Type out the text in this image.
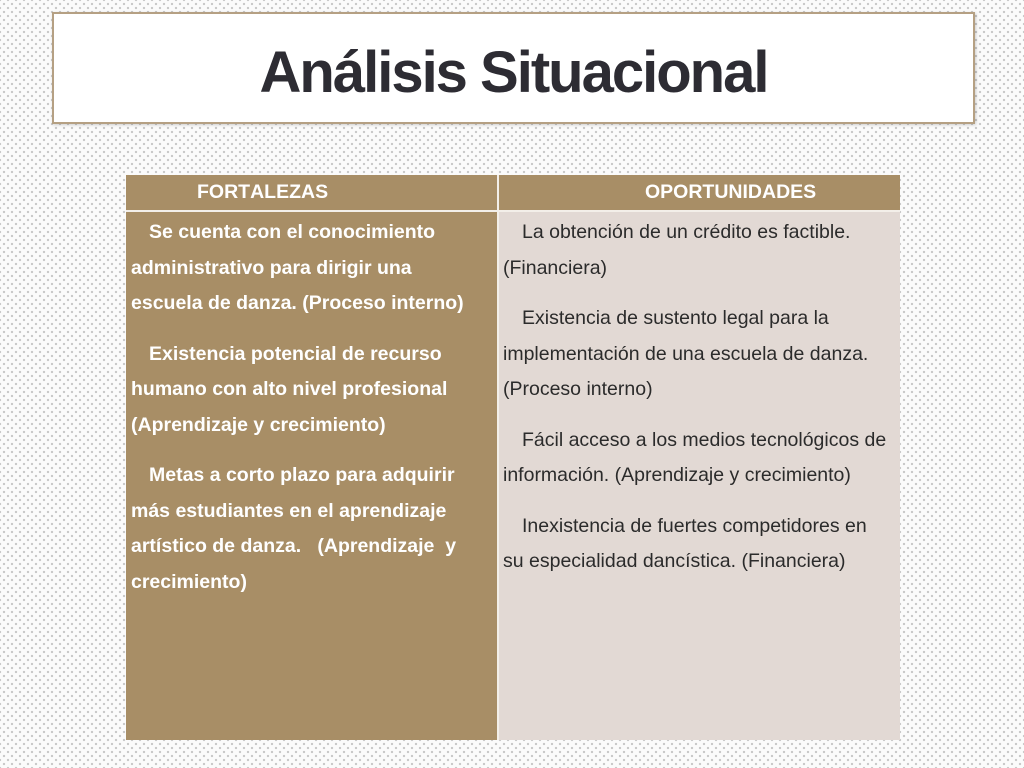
Análisis Situacional
FORTALEZAS	OPORTUNIDADES

Se cuenta con el conocimiento administrativo para dirigir una escuela de danza. (Proceso interno)

Existencia potencial de recurso humano con alto nivel profesional (Aprendizaje y crecimiento)

Metas a corto plazo para adquirir más estudiantes en el aprendizaje artístico de danza.   (Aprendizaje  y crecimiento)

La obtención de un crédito es factible. (Financiera)

Existencia de sustento legal para la implementación de una escuela de danza. (Proceso interno)

Fácil acceso a los medios tecnológicos de información. (Aprendizaje y crecimiento)

Inexistencia de fuertes competidores en su especialidad dancística. (Financiera)
